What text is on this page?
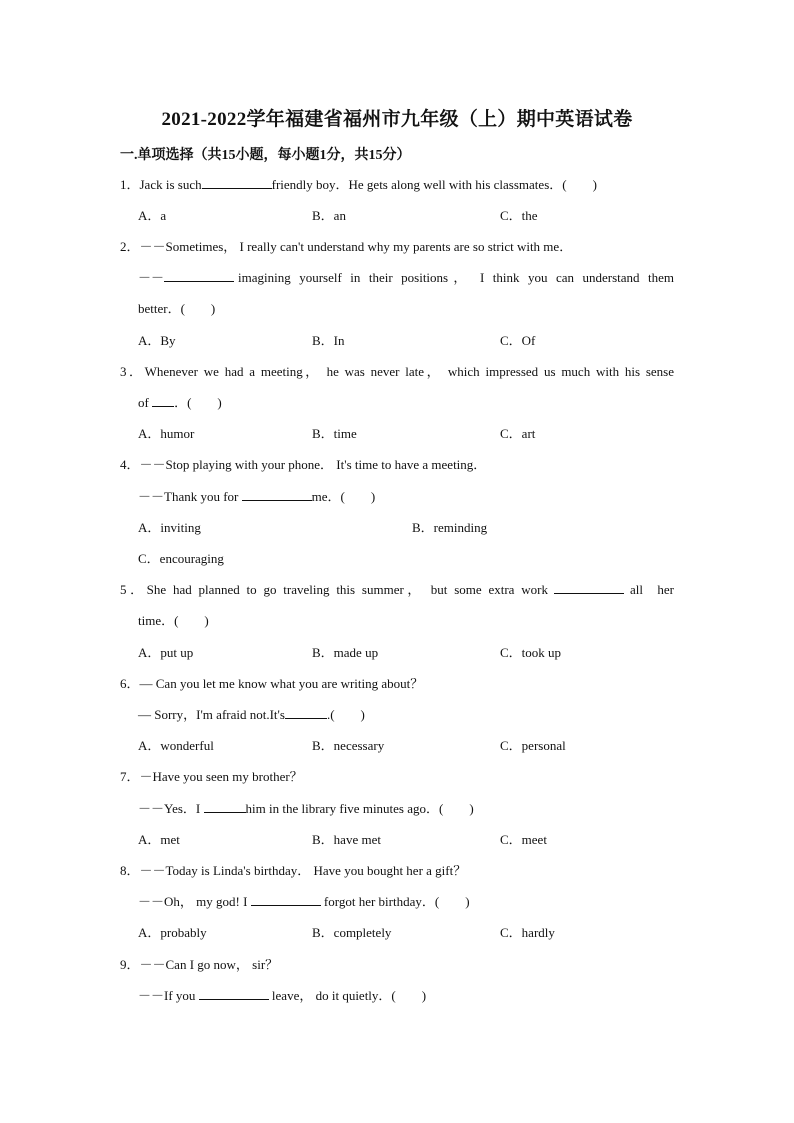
2021-2022学年福建省福州市九年级（上）期中英语试卷
一.单项选择（共15小题，每小题1分，共15分）
1．Jack is such	friendly boy．He gets along well with his classmates．(　　)
A．a	B．an	C．the
2．－－Sometimes， I really can't understand why my parents are so strict with me．
－－	imagining yourself in their positions， I think you can understand them
better．(　　)
A．By	B．In	C．Of
3．Whenever we had a meeting， he was never late， which impressed us much with his sense
of ．(　　)
A．humor	B．time	C．art
4．－－Stop playing with your phone． It's time to have a meeting．
－－Thank you for	me．(　　)
A．inviting	B．reminding
C．encouraging
5．She had planned to go traveling this summer， but some extra work	all her
time．(　　)
A．put up	B．made up	C．took up
6．— Can you let me know what you are writing about？
— Sorry，I'm afraid not.It's	.(　　)
A．wonderful	B．necessary	C．personal
7．－Have you seen my brother？
－－Yes．I	him in the library five minutes ago．(　　)
A．met	B．have met	C．meet
8．－－Today is Linda's birthday． Have you bought her a gift？
－－Oh， my god! I	forgot her birthday．(　　)
A．probably	B．completely	C．hardly
9．－－Can I go now， sir？
－－If you	leave， do it quietly．(　　)
